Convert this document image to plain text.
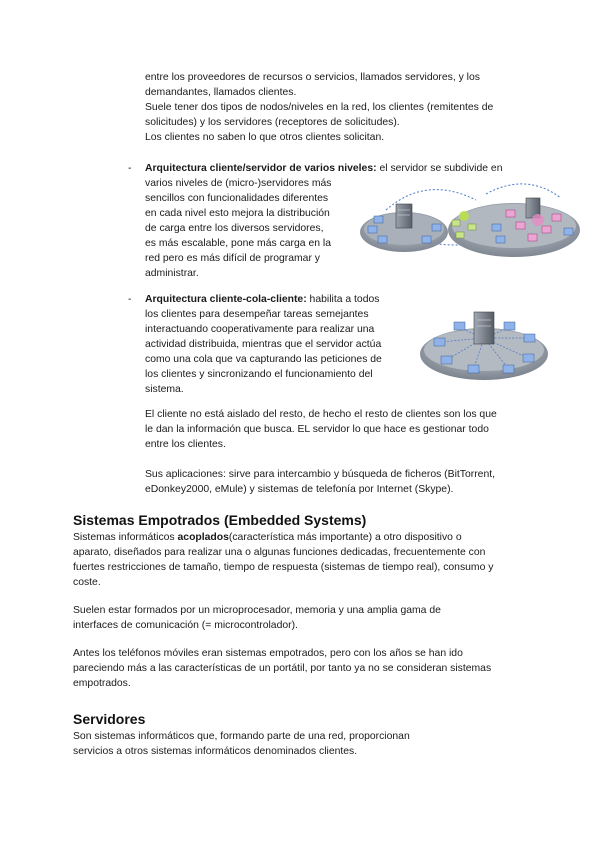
entre los proveedores de recursos o servicios, llamados servidores, y los
demandantes, llamados clientes.
Suele tener dos tipos de nodos/niveles en la red, los clientes (remitentes de
solicitudes) y los servidores (receptores de solicitudes).
Los clientes no saben lo que otros clientes solicitan.
- Arquitectura cliente/servidor de varios niveles: el servidor se subdivide en
varios niveles de (micro-)servidores más
sencillos con funcionalidades diferentes
en cada nivel esto mejora la distribución
de carga entre los diversos servidores,
es más escalable, pone más carga en la
red pero es más difícil de programar y
administrar.
- Arquitectura cliente-cola-cliente: habilita a todos
los clientes para desempeñar tareas semejantes
interactuando cooperativamente para realizar una
actividad distribuida, mientras que el servidor actúa
como una cola que va capturando las peticiones de
los clientes y sincronizando el funcionamiento del
sistema.
El cliente no está aislado del resto, de hecho el resto de clientes son los que
le dan la información que busca. EL servidor lo que hace es gestionar todo
entre los clientes.
Sus aplicaciones: sirve para intercambio y búsqueda de ficheros (BitTorrent,
eDonkey2000, eMule) y sistemas de telefonía por Internet (Skype).
Sistemas Empotrados (Embedded Systems)
Sistemas informáticos acoplados(característica más importante) a otro dispositivo o
aparato, diseñados para realizar una o algunas funciones dedicadas, frecuentemente con
fuertes restricciones de tamaño, tiempo de respuesta (sistemas de tiempo real), consumo y
coste.
Suelen estar formados por un microprocesador, memoria y una amplia gama de
interfaces de comunicación (= microcontrolador).
Antes los teléfonos móviles eran sistemas empotrados, pero con los años se han ido
pareciendo más a las características de un portátil, por tanto ya no se consideran sistemas
empotrados.
Servidores
Son sistemas informáticos que, formando parte de una red, proporcionan
servicios a otros sistemas informáticos denominados clientes.
